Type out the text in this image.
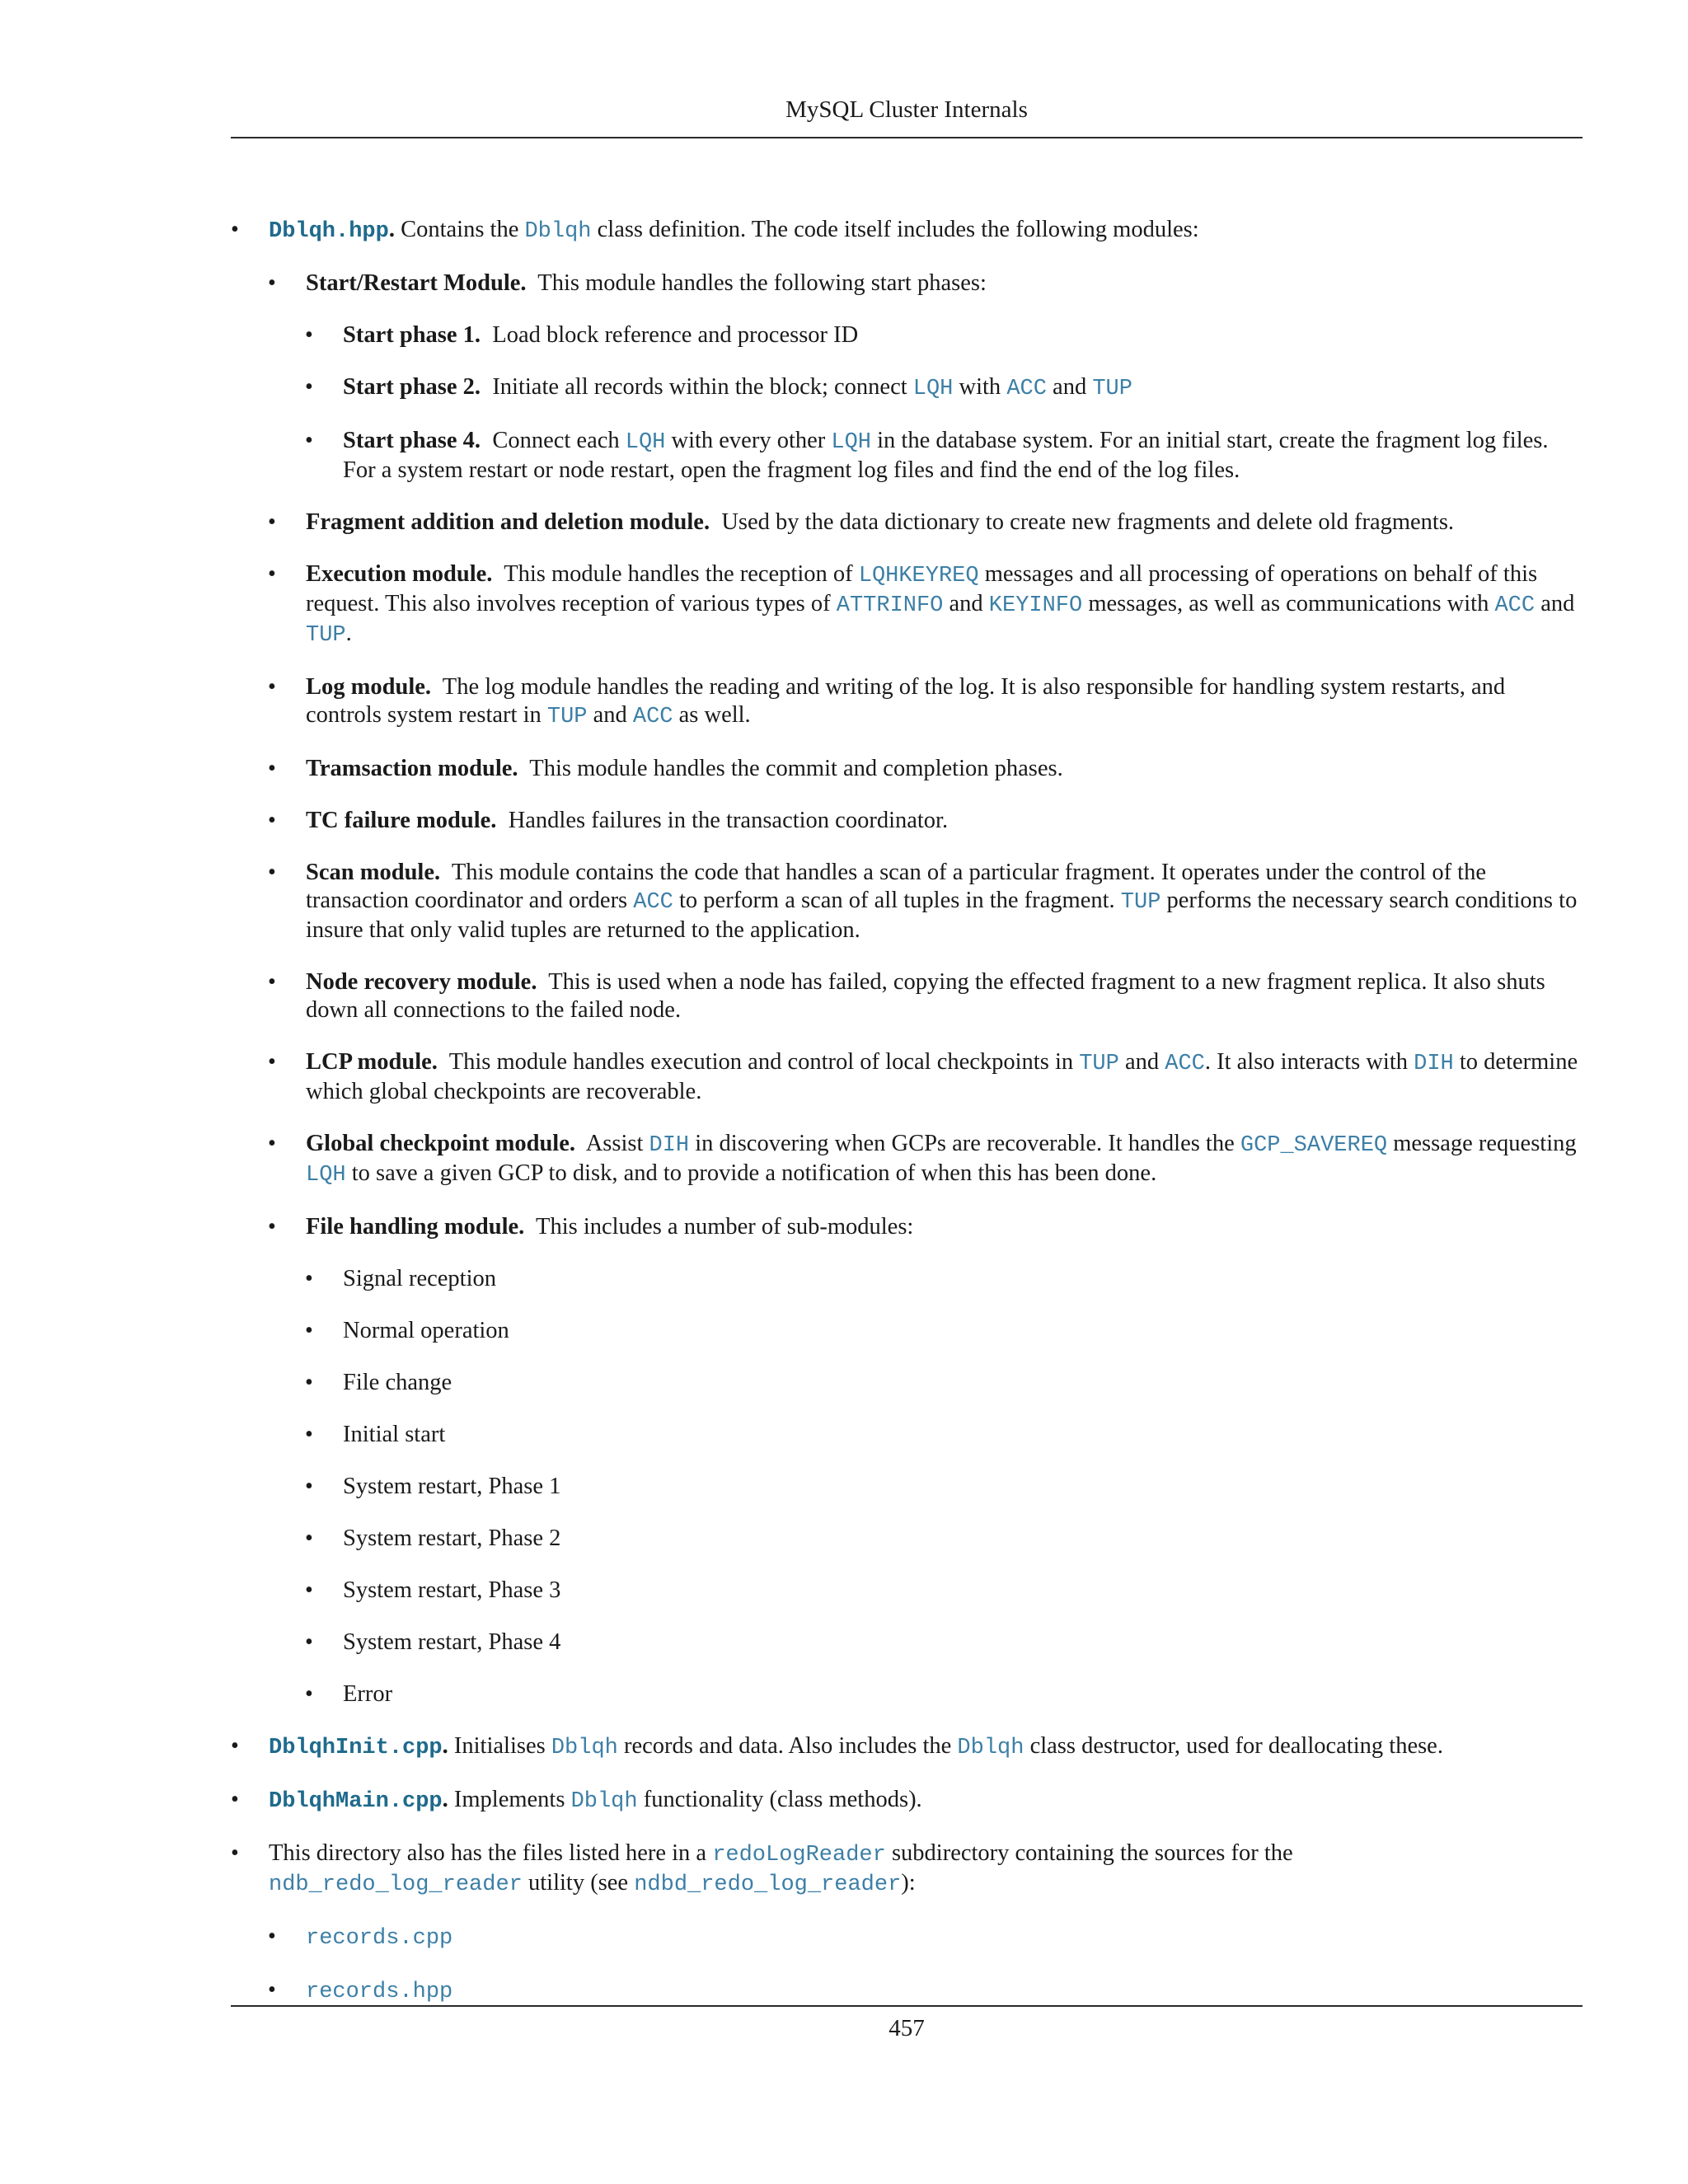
MySQL Cluster Internals
• Dblqh.hpp. Contains the Dblqh class definition. The code itself includes the following modules:
• Start/Restart Module. This module handles the following start phases:
• Start phase 1. Load block reference and processor ID
• Start phase 2. Initiate all records within the block; connect LQH with ACC and TUP
• Start phase 4. Connect each LQH with every other LQH in the database system. For an initial start, create the fragment log files. For a system restart or node restart, open the fragment log files and find the end of the log files.
• Fragment addition and deletion module. Used by the data dictionary to create new fragments and delete old fragments.
• Execution module. This module handles the reception of LQHKEYREQ messages and all processing of operations on behalf of this request. This also involves reception of various types of ATTRINFO and KEYINFO messages, as well as communications with ACC and TUP.
• Log module. The log module handles the reading and writing of the log. It is also responsible for handling system restarts, and controls system restart in TUP and ACC as well.
• Tramsaction module. This module handles the commit and completion phases.
• TC failure module. Handles failures in the transaction coordinator.
• Scan module. This module contains the code that handles a scan of a particular fragment. It operates under the control of the transaction coordinator and orders ACC to perform a scan of all tuples in the fragment. TUP performs the necessary search conditions to insure that only valid tuples are returned to the application.
• Node recovery module. This is used when a node has failed, copying the effected fragment to a new fragment replica. It also shuts down all connections to the failed node.
• LCP module. This module handles execution and control of local checkpoints in TUP and ACC. It also interacts with DIH to determine which global checkpoints are recoverable.
• Global checkpoint module. Assist DIH in discovering when GCPs are recoverable. It handles the GCP_SAVEREQ message requesting LQH to save a given GCP to disk, and to provide a notification of when this has been done.
• File handling module. This includes a number of sub-modules:
• Signal reception
• Normal operation
• File change
• Initial start
• System restart, Phase 1
• System restart, Phase 2
• System restart, Phase 3
• System restart, Phase 4
• Error
• DblqhInit.cpp. Initialises Dblqh records and data. Also includes the Dblqh class destructor, used for deallocating these.
• DblqhMain.cpp. Implements Dblqh functionality (class methods).
• This directory also has the files listed here in a redoLogReader subdirectory containing the sources for the
ndb_redo_log_reader utility (see ndbd_redo_log_reader):
• records.cpp
• records.hpp
457
